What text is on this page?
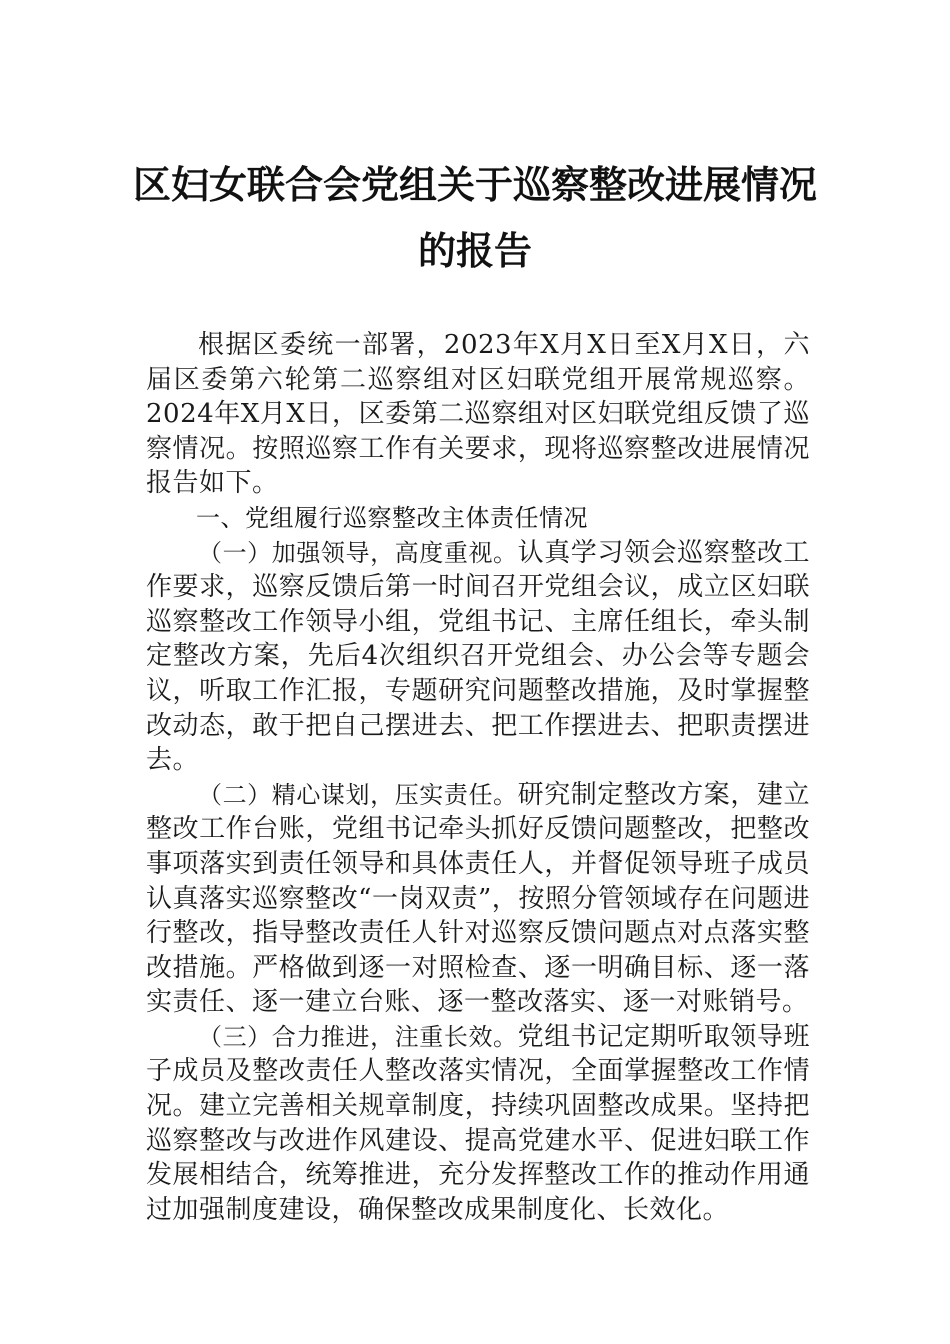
区妇女联合会党组关于巡察整改进展情况
的报告

根据区委统一部署，2023年X月X日至X月X日，六届区委第六轮第二巡察组对区妇联党组开展常规巡察。2024年X月X日，区委第二巡察组对区妇联党组反馈了巡察情况。按照巡察工作有关要求，现将巡察整改进展情况报告如下。

一、党组履行巡察整改主体责任情况

（一）加强领导，高度重视。认真学习领会巡察整改工作要求，巡察反馈后第一时间召开党组会议，成立区妇联巡察整改工作领导小组，党组书记、主席任组长，牵头制定整改方案，先后4次组织召开党组会、办公会等专题会议，听取工作汇报，专题研究问题整改措施，及时掌握整改动态，敢于把自己摆进去、把工作摆进去、把职责摆进去。

（二）精心谋划，压实责任。研究制定整改方案，建立整改工作台账，党组书记牵头抓好反馈问题整改，把整改事项落实到责任领导和具体责任人，并督促领导班子成员认真落实巡察整改“一岗双责”，按照分管领域存在问题进行整改，指导整改责任人针对巡察反馈问题点对点落实整改措施。严格做到逐一对照检查、逐一明确目标、逐一落实责任、逐一建立台账、逐一整改落实、逐一对账销号。

（三）合力推进，注重长效。党组书记定期听取领导班子成员及整改责任人整改落实情况，全面掌握整改工作情况。建立完善相关规章制度，持续巩固整改成果。坚持把巡察整改与改进作风建设、提高党建水平、促进妇联工作发展相结合，统筹推进，充分发挥整改工作的推动作用通过加强制度建设，确保整改成果制度化、长效化。
